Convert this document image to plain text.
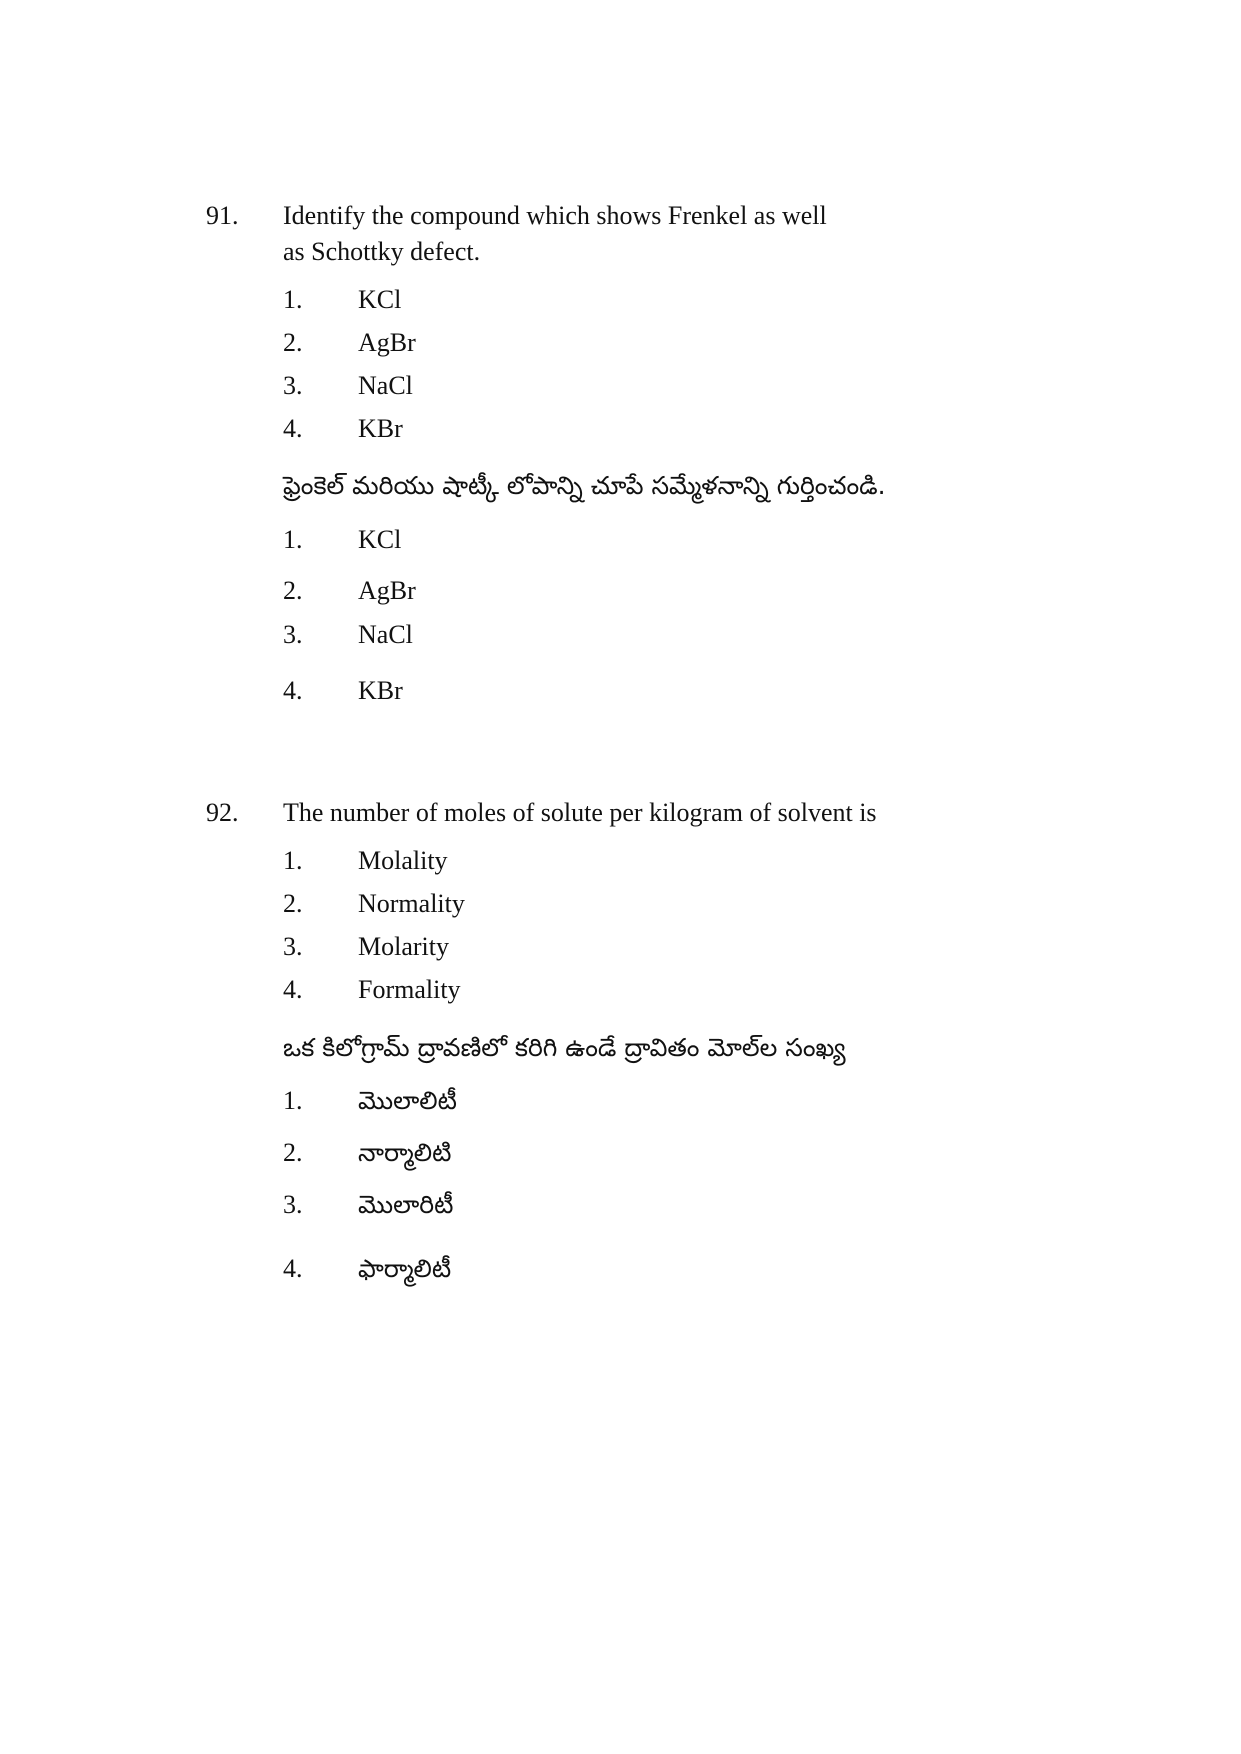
91. Identify the compound which shows Frenkel as well
as Schottky defect.
1. KCl
2. AgBr
3. NaCl
4. KBr
ఫ్రెంకెల్ మరియు షాట్కీ లోపాన్ని చూపే సమ్మేళనాన్ని గుర్తించండి.
1. KCl
2. AgBr
3. NaCl
4. KBr
92. The number of moles of solute per kilogram of solvent is
1. Molality
2. Normality
3. Molarity
4. Formality
ఒక కిలోగ్రామ్ ద్రావణిలో కరిగి ఉండే ద్రావితం మోల్‌ల సంఖ్య
1. మొలాలిటీ
2. నార్మాలిటి
3. మొలారిటీ
4. ఫార్మాలిటీ
